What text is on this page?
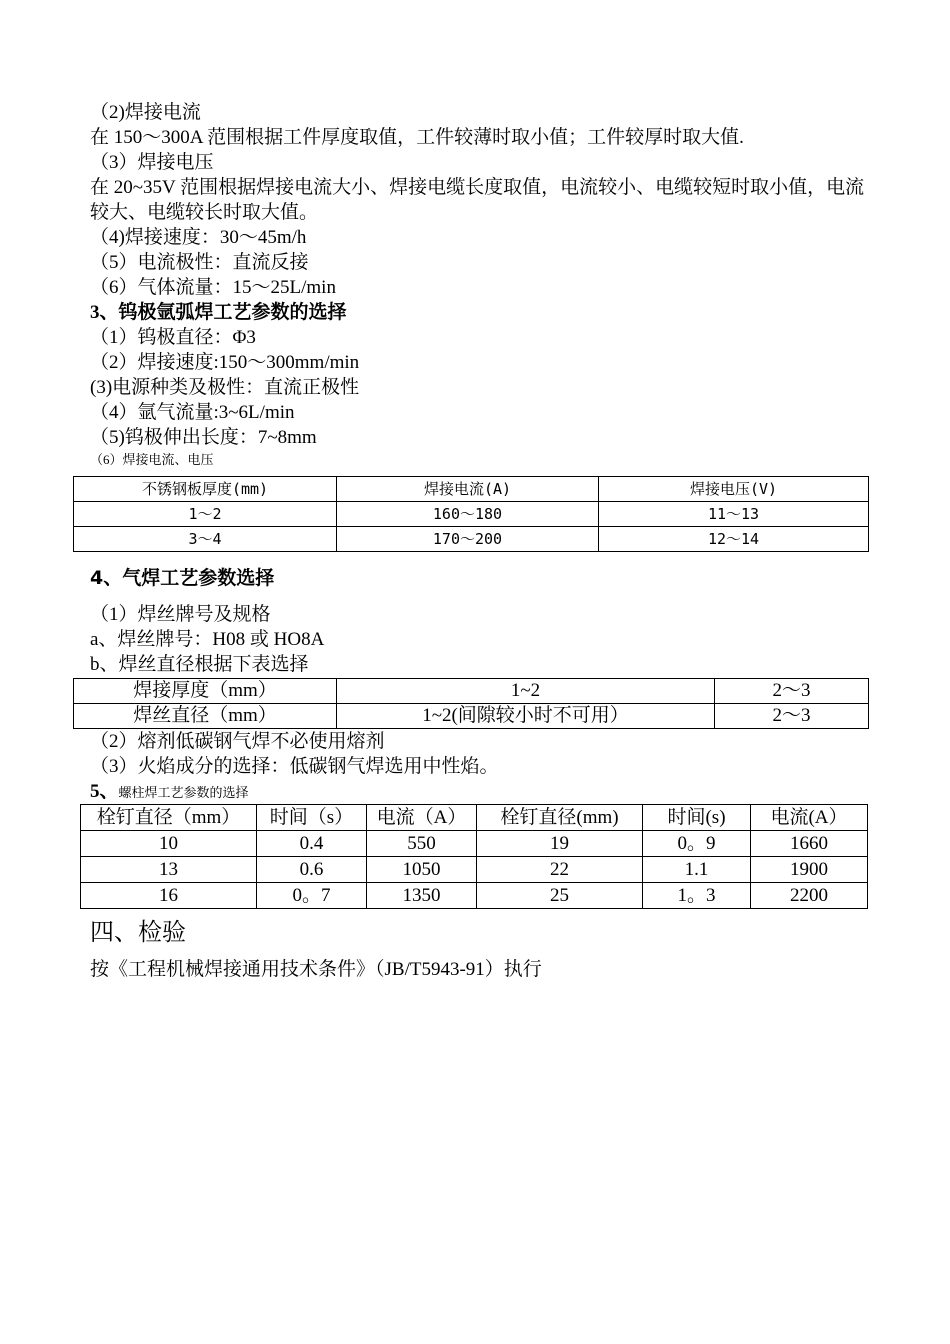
（2)焊接电流
在 150～300A 范围根据工件厚度取值，工件较薄时取小值；工件较厚时取大值.
（3）焊接电压
在 20~35V 范围根据焊接电流大小、焊接电缆长度取值，电流较小、电缆较短时取小值，电流较大、电缆较长时取大值。
（4)焊接速度：30～45m/h
（5）电流极性：直流反接
（6）气体流量：15～25L/min
3、钨极氩弧焊工艺参数的选择
（1）钨极直径：Φ3
（2）焊接速度:150～300mm/min
(3)电源种类及极性：直流正极性
（4）氩气流量:3~6L/min
（5)钨极伸出长度：7~8mm
（6）焊接电流、电压
不锈钢板厚度(mm)	焊接电流(A)	焊接电压(V)
1～2	160～180	11～13
3～4	170～200	12～14
4、气焊工艺参数选择
（1）焊丝牌号及规格
a、焊丝牌号：H08 或 HO8A
b、焊丝直径根据下表选择
焊接厚度（mm）	1~2	2～3
焊丝直径（mm）	1~2(间隙较小时不可用）	2～3
（2）熔剂低碳钢气焊不必使用熔剂
（3）火焰成分的选择：低碳钢气焊选用中性焰。
5、螺柱焊工艺参数的选择
栓钉直径（mm）	时间（s）	电流（A）	栓钉直径(mm)	时间(s)	电流(A）
10	0.4	550	19	0。9	1660
13	0.6	1050	22	1.1	1900
16	0。7	1350	25	1。3	2200
四、检验
按《工程机械焊接通用技术条件》（JB/T5943-91）执行
